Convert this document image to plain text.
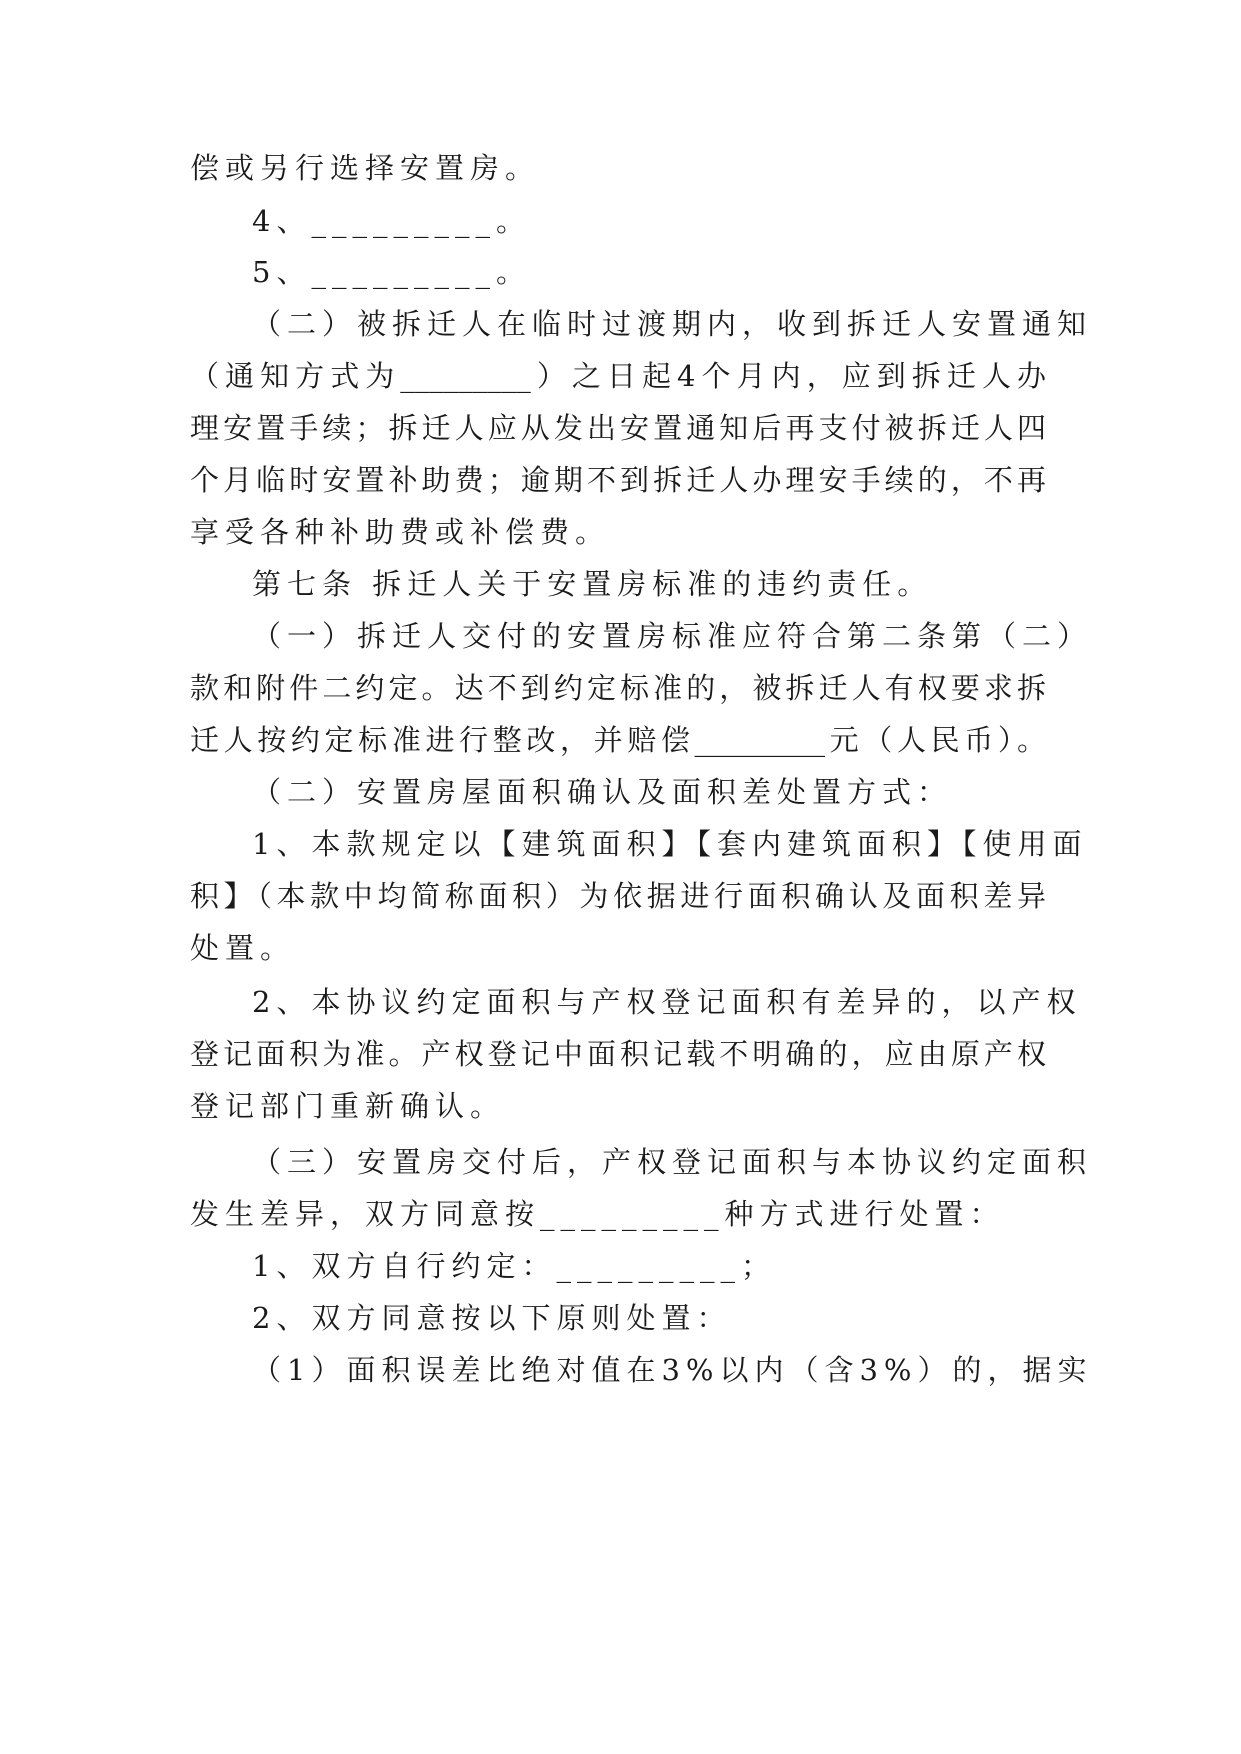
偿或另行选择安置房。
4、_________。
5、_________。
（二）被拆迁人在临时过渡期内，收到拆迁人安置通知
（通知方式为_________）之日起4个月内，应到拆迁人办
理安置手续；拆迁人应从发出安置通知后再支付被拆迁人四
个月临时安置补助费；逾期不到拆迁人办理安手续的，不再
享受各种补助费或补偿费。
第七条 拆迁人关于安置房标准的违约责任。
（一）拆迁人交付的安置房标准应符合第二条第（二）
款和附件二约定。达不到约定标准的，被拆迁人有权要求拆
迁人按约定标准进行整改，并赔偿_________元（人民币）。
（二）安置房屋面积确认及面积差处置方式：
1、本款规定以【建筑面积】【套内建筑面积】【使用面
积】（本款中均简称面积）为依据进行面积确认及面积差异
处置。
2、本协议约定面积与产权登记面积有差异的，以产权
登记面积为准。产权登记中面积记载不明确的，应由原产权
登记部门重新确认。
（三）安置房交付后，产权登记面积与本协议约定面积
发生差异，双方同意按_________种方式进行处置：
1、双方自行约定：_________；
2、双方同意按以下原则处置：
（1）面积误差比绝对值在3%以内（含3%）的，据实
